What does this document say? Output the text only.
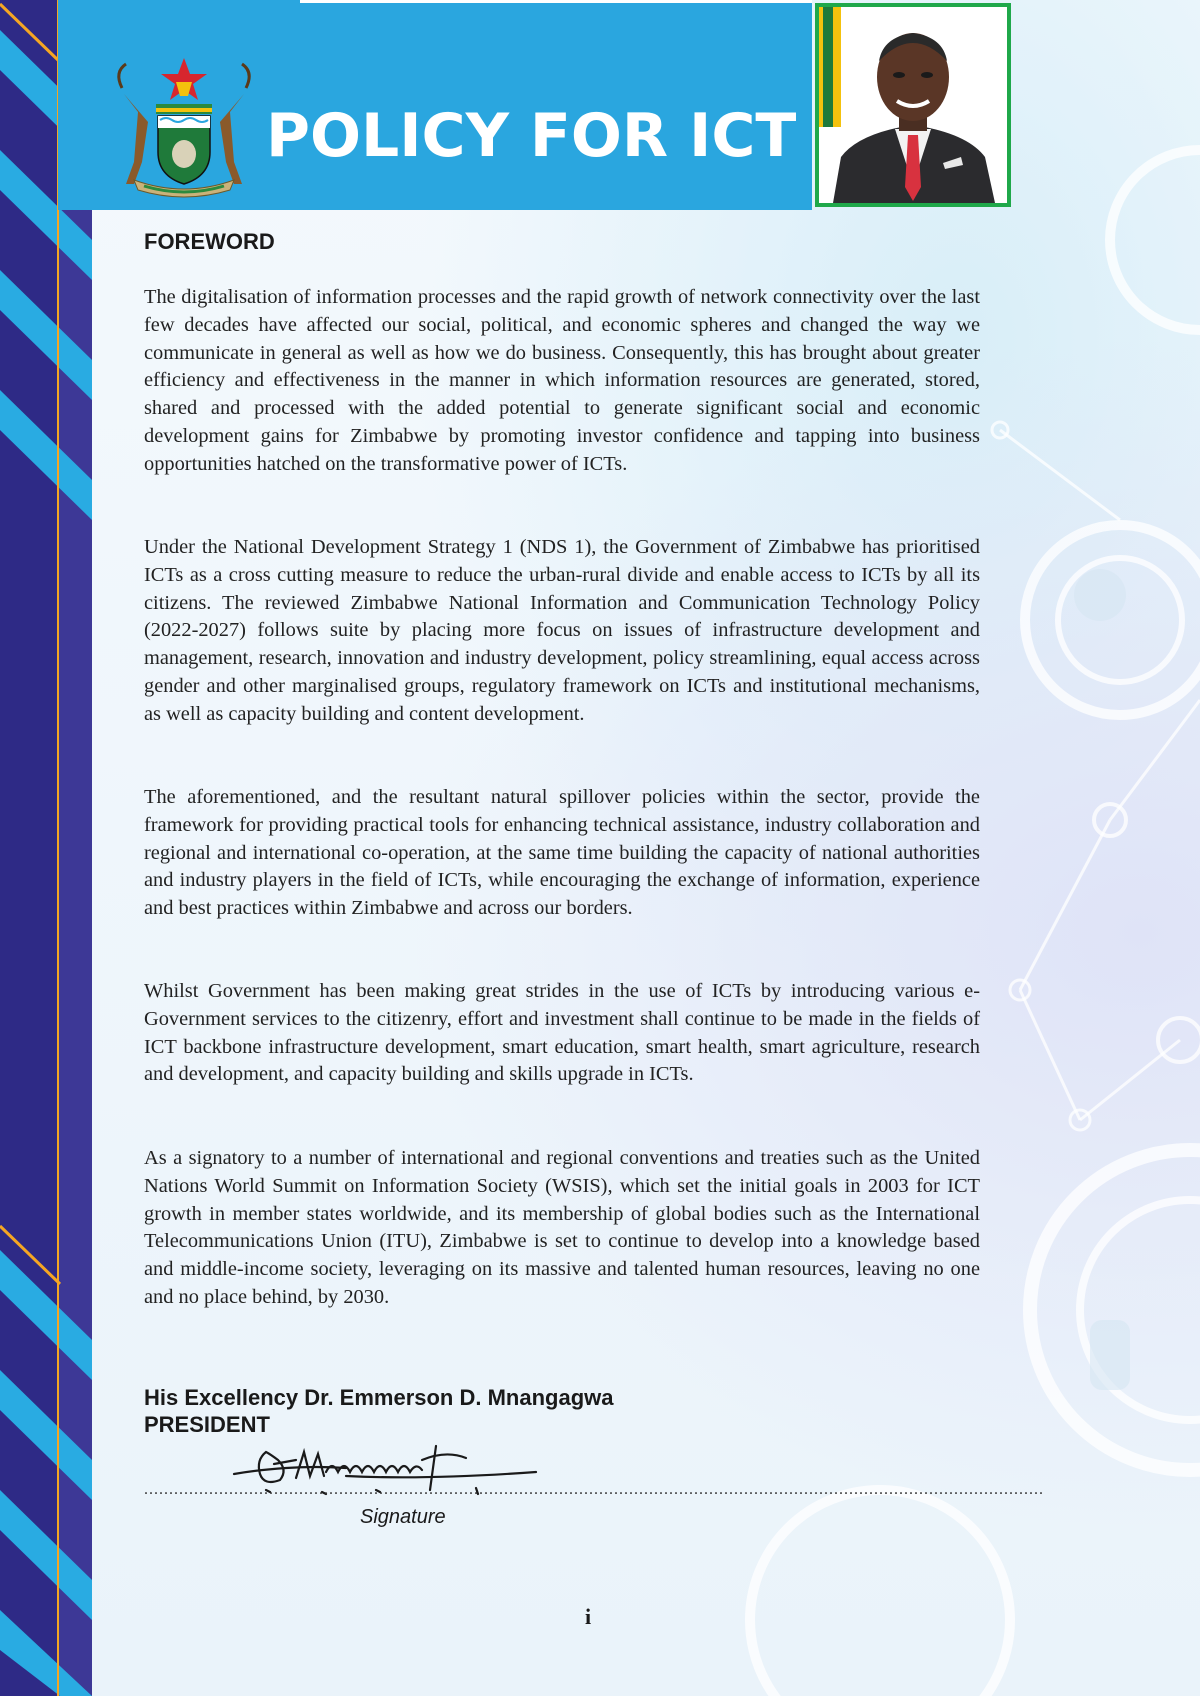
POLICY FOR ICT
FOREWORD

The digitalisation of information processes and the rapid growth of network connectivity over the last few decades have affected our social, political, and economic spheres and changed the way we communicate in general as well as how we do business. Consequently, this has brought about greater efficiency and effectiveness in the manner in which information resources are generated, stored, shared and processed with the added potential to generate significant social and economic development gains for Zimbabwe by promoting investor confidence and tapping into business opportunities hatched on the transformative power of ICTs.

Under the National Development Strategy 1 (NDS 1), the Government of Zimbabwe has prioritised ICTs as a cross cutting measure to reduce the urban-rural divide and enable access to ICTs by all its citizens. The reviewed Zimbabwe National Information and Communication Technology Policy (2022-2027) follows suite by placing more focus on issues of infrastructure development and management, research, innovation and industry development, policy streamlining, equal access across gender and other marginalised groups, regulatory framework on ICTs and institutional mechanisms, as well as capacity building and content development.

The aforementioned, and the resultant natural spillover policies within the sector, provide the framework for providing practical tools for enhancing technical assistance, industry collaboration and regional and international co-operation, at the same time building the capacity of national authorities and industry players in the field of ICTs, while encouraging the exchange of information, experience and best practices within Zimbabwe and across our borders.

Whilst Government has been making great strides in the use of ICTs by introducing various e-Government services to the citizenry, effort and investment shall continue to be made in the fields of ICT backbone infrastructure development, smart education, smart health, smart agriculture, research and development, and capacity building and skills upgrade in ICTs.

As a signatory to a number of international and regional conventions and treaties such as the United Nations World Summit on Information Society (WSIS), which set the initial goals in 2003 for ICT growth in member states worldwide, and its membership of global bodies such as the International Telecommunications Union (ITU), Zimbabwe is set to continue to develop into a knowledge based and middle-income society, leveraging on its massive and talented human resources, leaving no one and no place behind, by 2030.

His Excellency Dr. Emmerson D. Mnangagwa
PRESIDENT
....................................................................................................................................................................................
Signature
i
